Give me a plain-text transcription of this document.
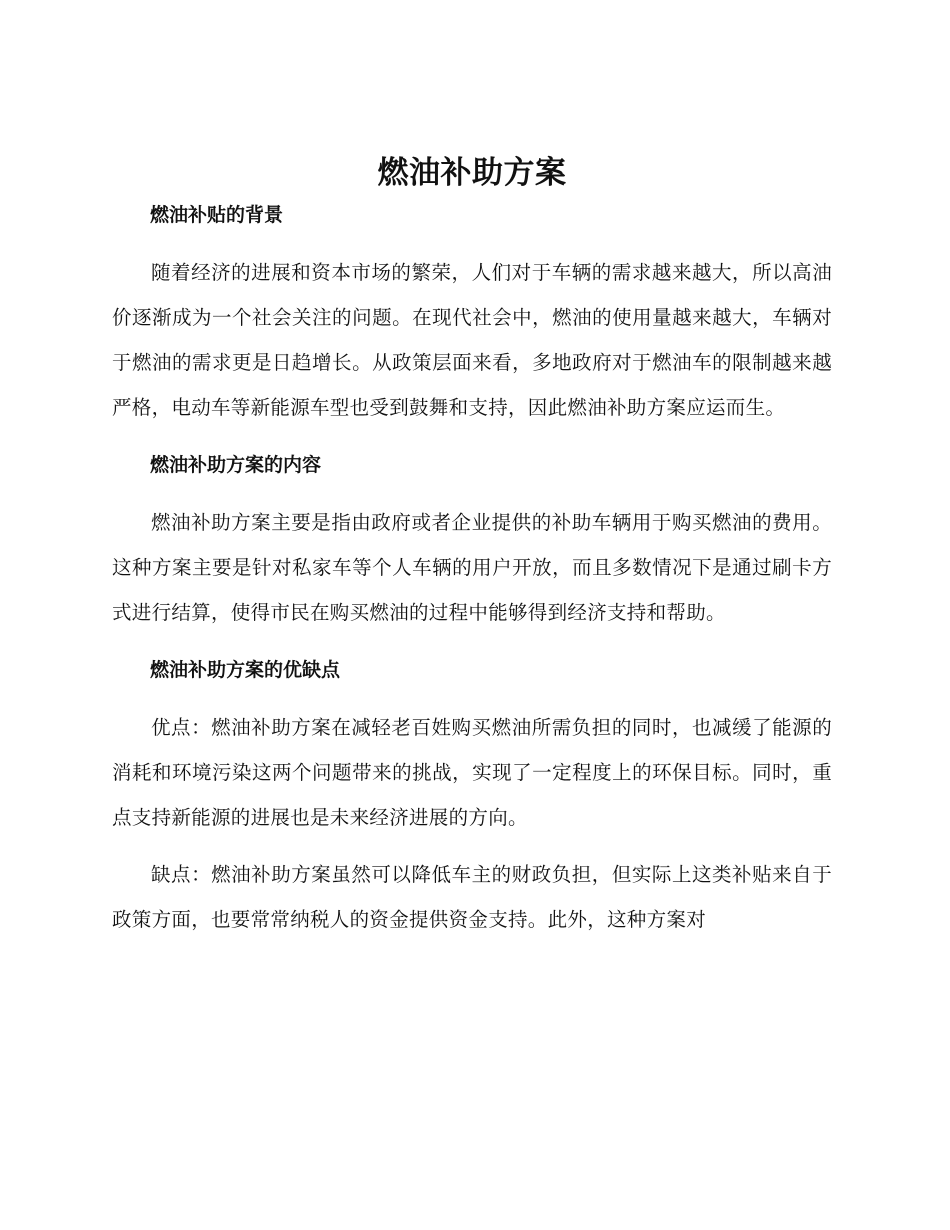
燃油补助方案
燃油补贴的背景

随着经济的进展和资本市场的繁荣，人们对于车辆的需求越来越大，所以高油价逐渐成为一个社会关注的问题。在现代社会中，燃油的使用量越来越大，车辆对于燃油的需求更是日趋增长。从政策层面来看，多地政府对于燃油车的限制越来越严格，电动车等新能源车型也受到鼓舞和支持，因此燃油补助方案应运而生。

燃油补助方案的内容

燃油补助方案主要是指由政府或者企业提供的补助车辆用于购买燃油的费用。这种方案主要是针对私家车等个人车辆的用户开放，而且多数情况下是通过刷卡方式进行结算，使得市民在购买燃油的过程中能够得到经济支持和帮助。

燃油补助方案的优缺点

优点：燃油补助方案在减轻老百姓购买燃油所需负担的同时，也减缓了能源的消耗和环境污染这两个问题带来的挑战，实现了一定程度上的环保目标。同时，重点支持新能源的进展也是未来经济进展的方向。

缺点：燃油补助方案虽然可以降低车主的财政负担，但实际上这类补贴来自于政策方面，也要常常纳税人的资金提供资金支持。此外，这种方案对
